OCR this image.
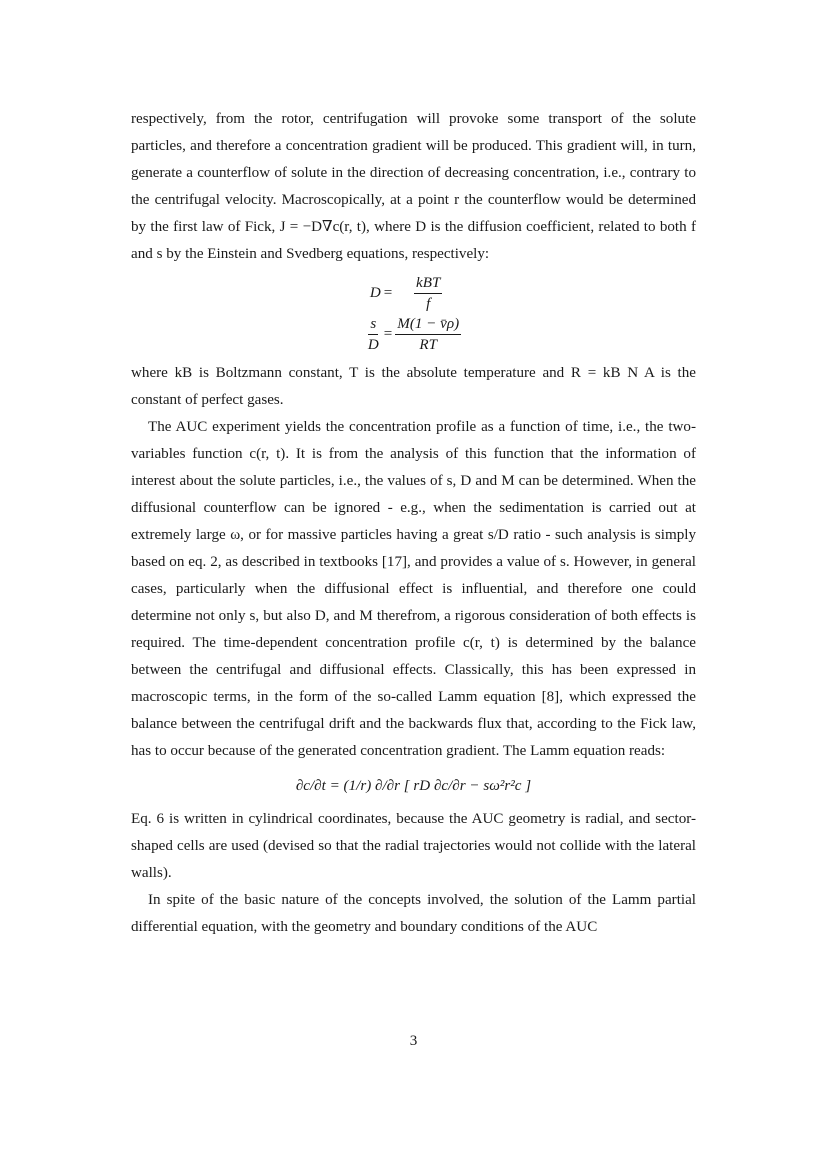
respectively, from the rotor, centrifugation will provoke some transport of the solute particles, and therefore a concentration gradient will be produced. This gradient will, in turn, generate a counterflow of solute in the direction of decreasing concentration, i.e., contrary to the centrifugal velocity. Macroscopically, at a point r the counterflow would be determined by the first law of Fick, J = −D∇c(r, t), where D is the diffusion coefficient, related to both f and s by the Einstein and Svedberg equations, respectively:

$D = \frac{\text{kBT}}{f}$
$\frac{s}{D} = \frac{M(1 - v̄\rho)}{RT}$

where kB is Boltzmann constant, T is the absolute temperature and R = kB N A is the constant of perfect gases.

The AUC experiment yields the concentration profile as a function of time, i.e., the two-variables function c(r, t). It is from the analysis of this function that the information of interest about the solute particles, i.e., the values of s, D and M can be determined. When the diffusional counterflow can be ignored - e.g., when the sedimentation is carried out at extremely large ω, or for massive particles having a great s/D ratio - such analysis is simply based on eq. 2, as described in textbooks [17], and provides a value of s. However, in general cases, particularly when the diffusional effect is influential, and therefore one could determine not only s, but also D, and M therefrom, a rigorous consideration of both effects is required. The time-dependent concentration profile c(r, t) is determined by the balance between the centrifugal and diffusional effects. Classically, this has been expressed in macroscopic terms, in the form of the so-called Lamm equation [8], which expressed the balance between the centrifugal drift and the backwards flux that, according to the Fick law, has to occur because of the generated concentration gradient. The Lamm equation reads:

∂c/∂t = (1/r) ∂/∂r [ rD ∂c/∂r − sω²r²c ]

Eq. 6 is written in cylindrical coordinates, because the AUC geometry is radial, and sector-shaped cells are used (devised so that the radial trajectories would not collide with the lateral walls).

In spite of the basic nature of the concepts involved, the solution of the Lamm partial differential equation, with the geometry and boundary conditions of the AUC

3
